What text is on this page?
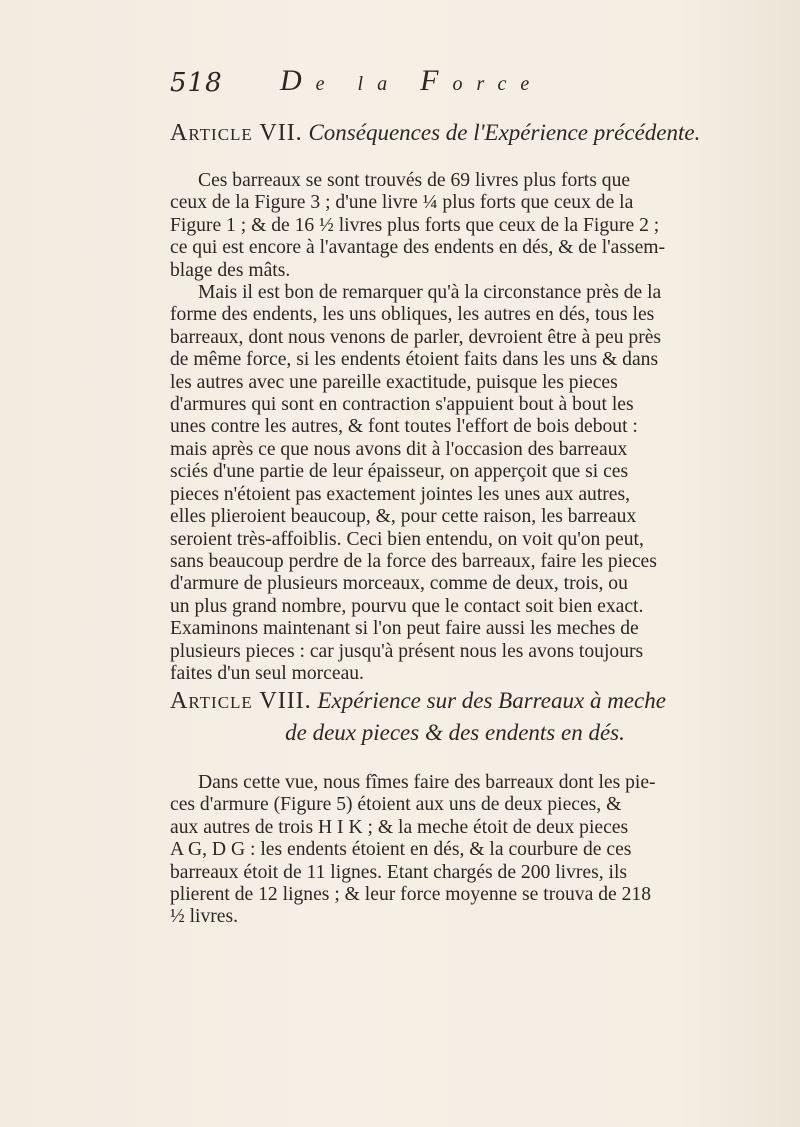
518 De la Force
Article VII. Conséquences de l'Expérience précédente.
Ces barreaux se sont trouvés de 69 livres plus forts que
ceux de la Figure 3 ; d'une livre ¼ plus forts que ceux de la
Figure 1 ; & de 16 ½ livres plus forts que ceux de la Figure 2 ;
ce qui est encore à l'avantage des endents en dés, & de l'assem-
blage des mâts.
Mais il est bon de remarquer qu'à la circonstance près de la
forme des endents, les uns obliques, les autres en dés, tous les
barreaux, dont nous venons de parler, devroient être à peu près
de même force, si les endents étoient faits dans les uns & dans
les autres avec une pareille exactitude, puisque les pieces
d'armures qui sont en contraction s'appuient bout à bout les
unes contre les autres, & font toutes l'effort de bois debout :
mais après ce que nous avons dit à l'occasion des barreaux
sciés d'une partie de leur épaisseur, on apperçoit que si ces
pieces n'étoient pas exactement jointes les unes aux autres,
elles plieroient beaucoup, &, pour cette raison, les barreaux
seroient très-affoiblis. Ceci bien entendu, on voit qu'on peut,
sans beaucoup perdre de la force des barreaux, faire les pieces
d'armure de plusieurs morceaux, comme de deux, trois, ou
un plus grand nombre, pourvu que le contact soit bien exact.
Examinons maintenant si l'on peut faire aussi les meches de
plusieurs pieces : car jusqu'à présent nous les avons toujours
faites d'un seul morceau.
Article VIII. Expérience sur des Barreaux à meche
de deux pieces & des endents en dés.
Dans cette vue, nous fîmes faire des barreaux dont les pie-
ces d'armure (Figure 5) étoient aux uns de deux pieces, &
aux autres de trois H I K ; & la meche étoit de deux pieces
A G, D G : les endents étoient en dés, & la courbure de ces
barreaux étoit de 11 lignes. Etant chargés de 200 livres, ils
plierent de 12 lignes ; & leur force moyenne se trouva de 218
½ livres.
